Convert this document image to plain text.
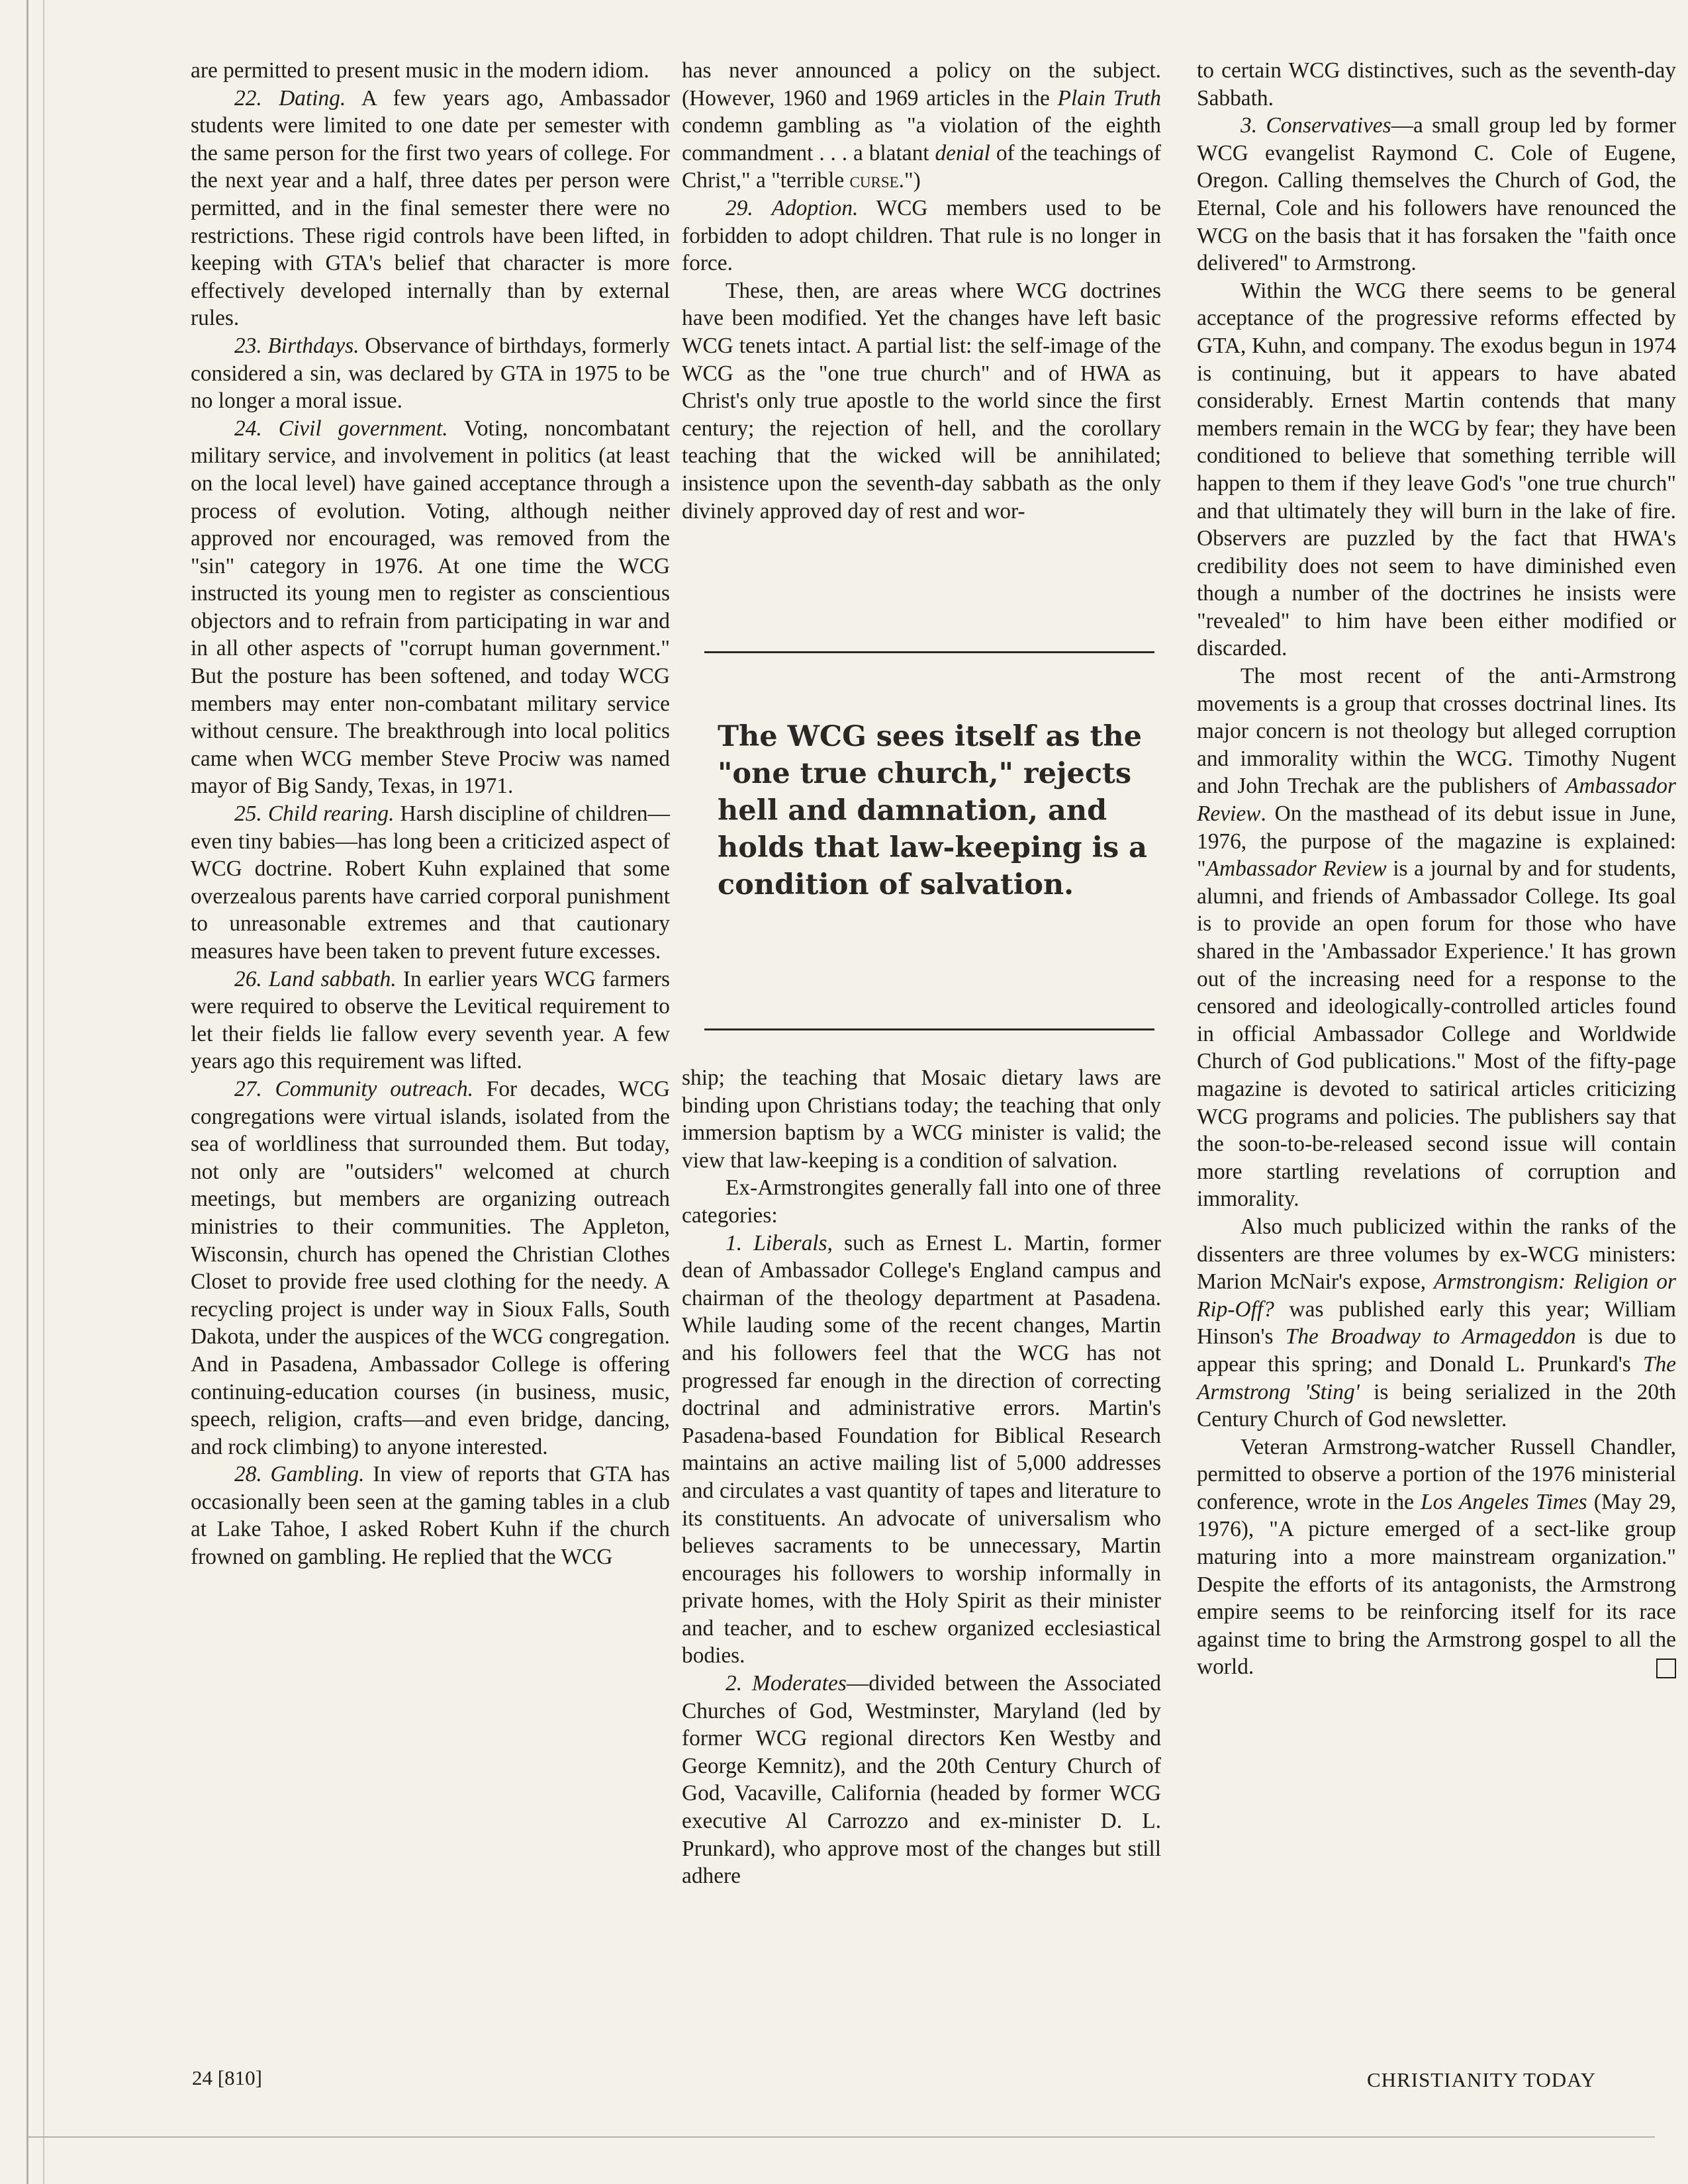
are permitted to present music in the modern idiom.

22. Dating. A few years ago, Ambassador students were limited to one date per semester with the same person for the first two years of college. For the next year and a half, three dates per person were permitted, and in the final semester there were no restrictions. These rigid controls have been lifted, in keeping with GTA's belief that character is more effectively developed internally than by external rules.

23. Birthdays. Observance of birthdays, formerly considered a sin, was declared by GTA in 1975 to be no longer a moral issue.

24. Civil government. Voting, noncombatant military service, and involvement in politics (at least on the local level) have gained acceptance through a process of evolution. Voting, although neither approved nor encouraged, was removed from the "sin" category in 1976. At one time the WCG instructed its young men to register as conscientious objectors and to refrain from participating in war and in all other aspects of "corrupt human government." But the posture has been softened, and today WCG members may enter non-combatant military service without censure. The breakthrough into local politics came when WCG member Steve Prociw was named mayor of Big Sandy, Texas, in 1971.

25. Child rearing. Harsh discipline of children—even tiny babies—has long been a criticized aspect of WCG doctrine. Robert Kuhn explained that some overzealous parents have carried corporal punishment to unreasonable extremes and that cautionary measures have been taken to prevent future excesses.

26. Land sabbath. In earlier years WCG farmers were required to observe the Levitical requirement to let their fields lie fallow every seventh year. A few years ago this requirement was lifted.

27. Community outreach. For decades, WCG congregations were virtual islands, isolated from the sea of worldliness that surrounded them. But today, not only are "outsiders" welcomed at church meetings, but members are organizing outreach ministries to their communities. The Appleton, Wisconsin, church has opened the Christian Clothes Closet to provide free used clothing for the needy. A recycling project is under way in Sioux Falls, South Dakota, under the auspices of the WCG congregation. And in Pasadena, Ambassador College is offering continuing-education courses (in business, music, speech, religion, crafts—and even bridge, dancing, and rock climbing) to anyone interested.

28. Gambling. In view of reports that GTA has occasionally been seen at the gaming tables in a club at Lake Tahoe, I asked Robert Kuhn if the church frowned on gambling. He replied that the WCG

has never announced a policy on the subject. (However, 1960 and 1969 articles in the Plain Truth condemn gambling as "a violation of the eighth commandment . . . a blatant denial of the teachings of Christ," a "terrible curse.")

29. Adoption. WCG members used to be forbidden to adopt children. That rule is no longer in force.

These, then, are areas where WCG doctrines have been modified. Yet the changes have left basic WCG tenets intact. A partial list: the self-image of the WCG as the "one true church" and of HWA as Christ's only true apostle to the world since the first century; the rejection of hell, and the corollary teaching that the wicked will be annihilated; insistence upon the seventh-day sabbath as the only divinely approved day of rest and wor-

The WCG sees itself as the "one true church," rejects hell and damnation, and holds that law-keeping is a condition of salvation.

ship; the teaching that Mosaic dietary laws are binding upon Christians today; the teaching that only immersion baptism by a WCG minister is valid; the view that law-keeping is a condition of salvation.

Ex-Armstrongites generally fall into one of three categories:

1. Liberals, such as Ernest L. Martin, former dean of Ambassador College's England campus and chairman of the theology department at Pasadena. While lauding some of the recent changes, Martin and his followers feel that the WCG has not progressed far enough in the direction of correcting doctrinal and administrative errors. Martin's Pasadena-based Foundation for Biblical Research maintains an active mailing list of 5,000 addresses and circulates a vast quantity of tapes and literature to its constituents. An advocate of universalism who believes sacraments to be unnecessary, Martin encourages his followers to worship informally in private homes, with the Holy Spirit as their minister and teacher, and to eschew organized ecclesiastical bodies.

2. Moderates—divided between the Associated Churches of God, Westminster, Maryland (led by former WCG regional directors Ken Westby and George Kemnitz), and the 20th Century Church of God, Vacaville, California (headed by former WCG executive Al Carrozzo and ex-minister D. L. Prunkard), who approve most of the changes but still adhere

to certain WCG distinctives, such as the seventh-day Sabbath.

3. Conservatives—a small group led by former WCG evangelist Raymond C. Cole of Eugene, Oregon. Calling themselves the Church of God, the Eternal, Cole and his followers have renounced the WCG on the basis that it has forsaken the "faith once delivered" to Armstrong.

Within the WCG there seems to be general acceptance of the progressive reforms effected by GTA, Kuhn, and company. The exodus begun in 1974 is continuing, but it appears to have abated considerably. Ernest Martin contends that many members remain in the WCG by fear; they have been conditioned to believe that something terrible will happen to them if they leave God's "one true church" and that ultimately they will burn in the lake of fire. Observers are puzzled by the fact that HWA's credibility does not seem to have diminished even though a number of the doctrines he insists were "revealed" to him have been either modified or discarded.

The most recent of the anti-Armstrong movements is a group that crosses doctrinal lines. Its major concern is not theology but alleged corruption and immorality within the WCG. Timothy Nugent and John Trechak are the publishers of Ambassador Review. On the masthead of its debut issue in June, 1976, the purpose of the magazine is explained: "Ambassador Review is a journal by and for students, alumni, and friends of Ambassador College. Its goal is to provide an open forum for those who have shared in the 'Ambassador Experience.' It has grown out of the increasing need for a response to the censored and ideologically-controlled articles found in official Ambassador College and Worldwide Church of God publications." Most of the fifty-page magazine is devoted to satirical articles criticizing WCG programs and policies. The publishers say that the soon-to-be-released second issue will contain more startling revelations of corruption and immorality.

Also much publicized within the ranks of the dissenters are three volumes by ex-WCG ministers: Marion McNair's expose, Armstrongism: Religion or Rip-Off? was published early this year; William Hinson's The Broadway to Armageddon is due to appear this spring; and Donald L. Prunkard's The Armstrong 'Sting' is being serialized in the 20th Century Church of God newsletter.

Veteran Armstrong-watcher Russell Chandler, permitted to observe a portion of the 1976 ministerial conference, wrote in the Los Angeles Times (May 29, 1976), "A picture emerged of a sect-like group maturing into a more mainstream organization." Despite the efforts of its antagonists, the Armstrong empire seems to be reinforcing itself for its race against time to bring the Armstrong gospel to all the world.

24 [810]	CHRISTIANITY TODAY
